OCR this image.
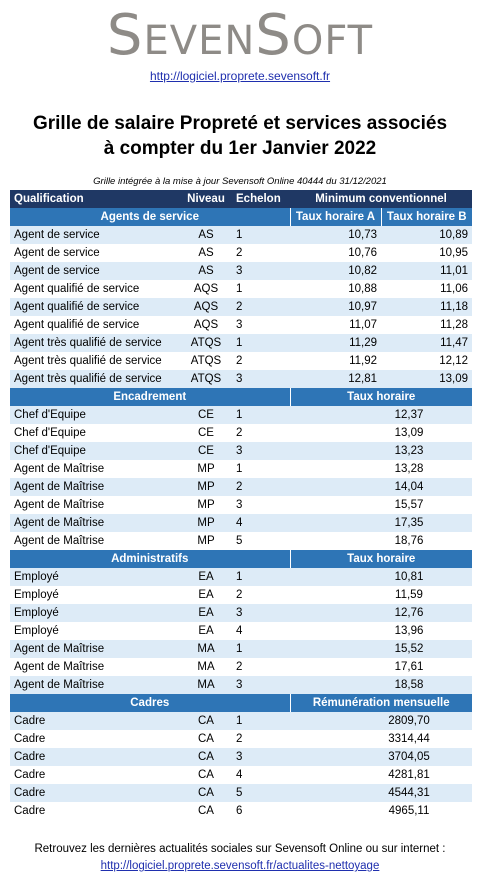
SEVENSOFT
http://logiciel.proprete.sevensoft.fr
Grille de salaire Propreté et services associés
à compter du 1er Janvier 2022
Grille intégrée à la mise à jour Sevensoft Online 40444 du 31/12/2021
Qualification	Niveau	Echelon	Minimum conventionnel	
Agents de service			Taux horaire A	Taux horaire B
Agent de service	AS	1	10,73	10,89
Agent de service	AS	2	10,76	10,95
Agent de service	AS	3	10,82	11,01
Agent qualifié de service	AQS	1	10,88	11,06
Agent qualifié de service	AQS	2	10,97	11,18
Agent qualifié de service	AQS	3	11,07	11,28
Agent très qualifié de service	ATQS	1	11,29	11,47
Agent très qualifié de service	ATQS	2	11,92	12,12
Agent très qualifié de service	ATQS	3	12,81	13,09
Encadrement			Taux horaire	
Chef d'Equipe	CE	1	12,37	
Chef d'Equipe	CE	2	13,09	
Chef d'Equipe	CE	3	13,23	
Agent de Maîtrise	MP	1	13,28	
Agent de Maîtrise	MP	2	14,04	
Agent de Maîtrise	MP	3	15,57	
Agent de Maîtrise	MP	4	17,35	
Agent de Maîtrise	MP	5	18,76	
Administratifs			Taux horaire	
Employé	EA	1	10,81	
Employé	EA	2	11,59	
Employé	EA	3	12,76	
Employé	EA	4	13,96	
Agent de Maîtrise	MA	1	15,52	
Agent de Maîtrise	MA	2	17,61	
Agent de Maîtrise	MA	3	18,58	
Cadres			Rémunération mensuelle	
Cadre	CA	1	2809,70	
Cadre	CA	2	3314,44	
Cadre	CA	3	3704,05	
Cadre	CA	4	4281,81	
Cadre	CA	5	4544,31	
Cadre	CA	6	4965,11	
Retrouvez les dernières actualités sociales sur Sevensoft Online ou sur internet :
http://logiciel.proprete.sevensoft.fr/actualites-nettoyage
